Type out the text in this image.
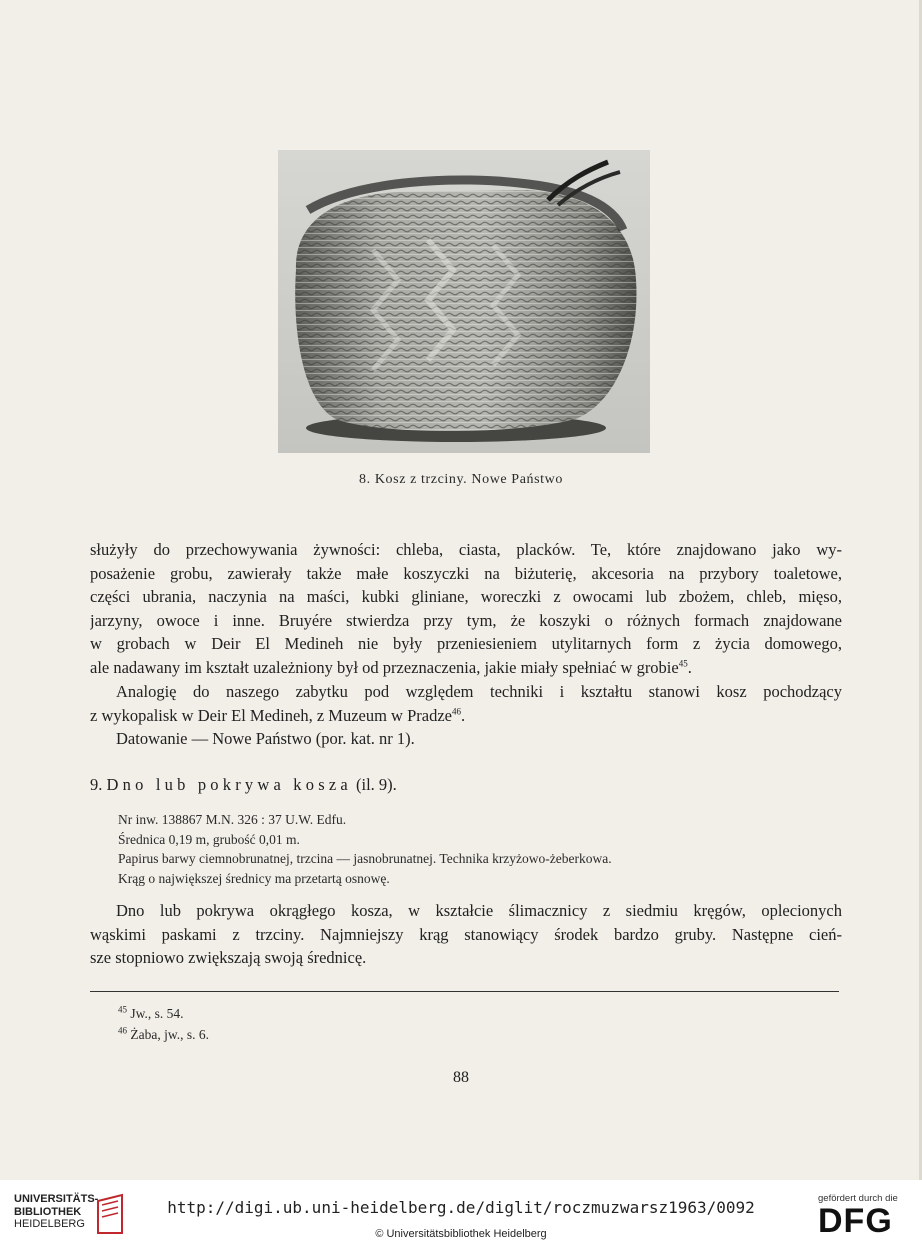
8. Kosz z trzciny. Nowe Państwo
służyły do przechowywania żywności: chleba, ciasta, placków. Te, które znajdowano jako wy-
posażenie grobu, zawierały także małe koszyczki na biżuterię, akcesoria na przybory toaletowe,
części ubrania, naczynia na maści, kubki gliniane, woreczki z owocami lub zbożem, chleb, mięso,
jarzyny, owoce i inne. Bruyére stwierdza przy tym, że koszyki o różnych formach znajdowane
w grobach w Deir El Medineh nie były przeniesieniem utylitarnych form z życia domowego,
ale nadawany im kształt uzależniony był od przeznaczenia, jakie miały spełniać w grobie$^{45}$.
Analogię do naszego zabytku pod względem techniki i kształtu stanowi kosz pochodzący
z wykopalisk w Deir El Medineh, z Muzeum w Pradze$^{46}$.
Datowanie — Nowe Państwo (por. kat. nr 1).
9. Dno lub pokrywa kosza (il. 9).
Nr inw. 138867 M.N. 326 : 37 U.W. Edfu.
Średnica 0,19 m, grubość 0,01 m.
Papirus barwy ciemnobrunatnej, trzcina — jasnobrunatnej. Technika krzyżowo-żeberkowa.
Krąg o największej średnicy ma przetartą osnowę.
Dno lub pokrywa okrągłego kosza, w kształcie ślimacznicy z siedmiu kręgów, oplecionych
wąskimi paskami z trzciny. Najmniejszy krąg stanowiący środek bardzo gruby. Następne cień-
sze stopniowo zwiększają swoją średnicę.
$^{45}$ Jw., s. 54.
$^{46}$ Żaba, jw., s. 6.
88
UNIVERSITÄTS-
BIBLIOTHEK
HEIDELBERG
http://digi.ub.uni-heidelberg.de/diglit/roczmuzwarsz1963/0092
© Universitätsbibliothek Heidelberg
gefördert durch die
DFG
